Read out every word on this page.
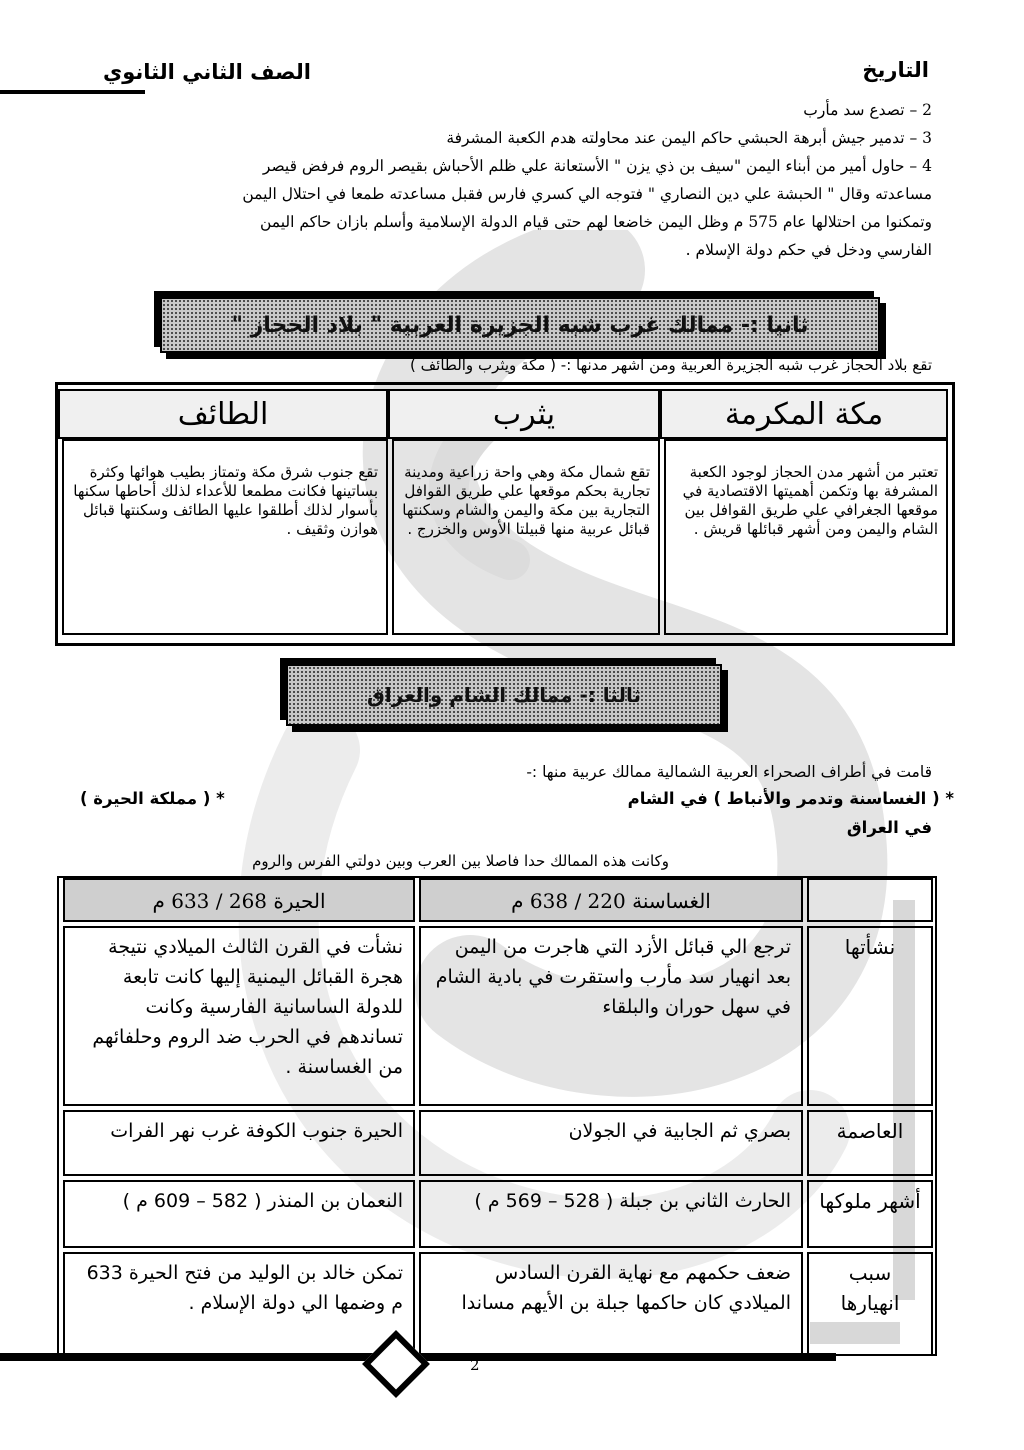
التاريخ
الصف الثاني الثانوي
2 – تصدع سد مأرب
3 – تدمير جيش أبرهة الحبشي حاكم اليمن عند محاولته هدم الكعبة المشرفة
4 – حاول أمير من أبناء اليمن "سيف بن ذي يزن " الأستعانة علي ظلم الأحباش بقيصر الروم فرفض قيصر
مساعدته وقال " الحبشة علي دين النصاري " فتوجه الي كسري فارس فقبل مساعدته طمعا في احتلال اليمن
وتمكنوا من احتلالها عام 575 م وظل اليمن خاضعا لهم حتى قيام الدولة الإسلامية وأسلم بازان حاكم اليمن
الفارسي ودخل في حكم دولة الإسلام .
ثانيا :- ممالك غرب شبه الجزيرة العربية " بلاد الحجاز "
تقع بلاد الحجاز غرب شبه الجزيرة العربية ومن أشهر مدنها :- ( مكة ويثرب والطائف )
مكة المكرمة
يثرب
الطائف
تعتبر من أشهر مدن الحجاز لوجود الكعبة المشرفة بها وتكمن أهميتها الاقتصادية في موقعها الجغرافي علي طريق القوافل بين الشام واليمن ومن أشهر قبائلها قريش .
تقع شمال مكة وهي واحة زراعية ومدينة تجارية بحكم موقعها علي طريق القوافل التجارية بين مكة واليمن والشام وسكنتها قبائل عربية منها قبيلتا الأوس والخزرج .
تقع جنوب شرق مكة وتمتاز بطيب هوائها وكثرة بساتينها فكانت مطمعا للأعداء لذلك أحاطها سكنها بأسوار لذلك أطلقوا عليها الطائف وسكنتها قبائل هوازن وثقيف .
ثالثا :- ممالك الشام والعراق
قامت في أطراف الصحراء العربية الشمالية ممالك عربية منها :-
* ( الغساسنة وتدمر والأنباط ) في الشام
* ( مملكة الحيرة )
في العراق
وكانت هذه الممالك حدا فاصلا بين العرب وبين دولتي الفرس والروم
الغساسنة 220 / 638 م
الحيرة 268 / 633 م
نشأتها
ترجع الي قبائل الأزد التي هاجرت من اليمن بعد انهيار سد مأرب واستقرت في بادية الشام في سهل حوران والبلقاء
نشأت في القرن الثالث الميلادي نتيجة هجرة القبائل اليمنية إليها كانت تابعة للدولة الساسانية الفارسية وكانت تساندهم في الحرب ضد الروم وحلفائهم من الغساسنة .
العاصمة
بصري ثم الجابية في الجولان
الحيرة جنوب الكوفة غرب نهر الفرات
أشهر ملوكها
الحارث الثاني بن جبلة ( 528 – 569 م )
النعمان بن المنذر ( 582 – 609 م )
سبب انهيارها
ضعف حكمهم مع نهاية القرن السادس الميلادي كان حاكمها جبلة بن الأيهم مساندا
تمكن خالد بن الوليد من فتح الحيرة 633 م وضمها الي دولة الإسلام .
2
